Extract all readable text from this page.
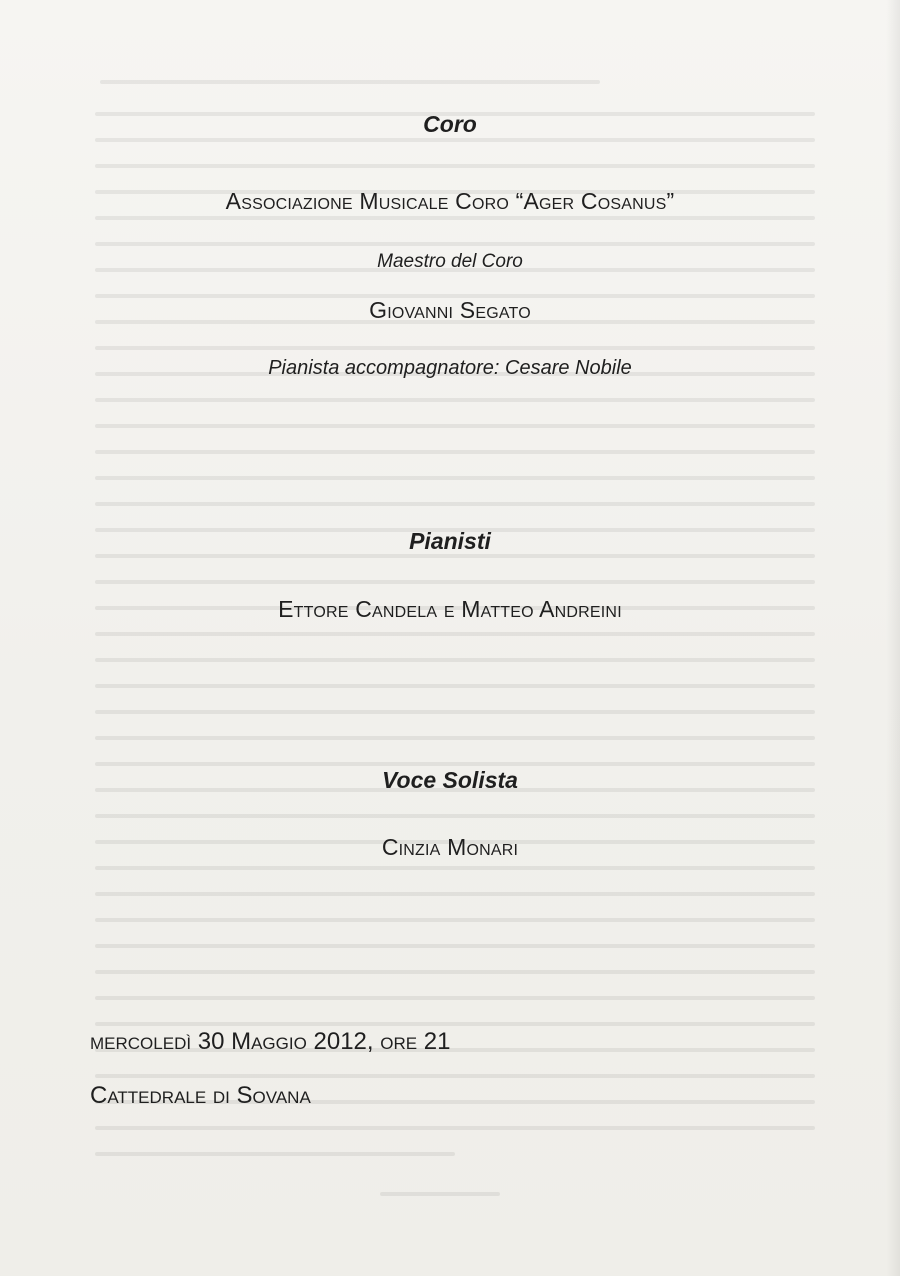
Coro
Associazione Musicale Coro “Ager Cosanus”
Maestro del Coro
Giovanni Segato
Pianista accompagnatore: Cesare Nobile
Pianisti
Ettore Candela e Matteo Andreini
Voce Solista
Cinzia Monari
mercoledì 30 Maggio 2012, ore 21
Cattedrale di Sovana
